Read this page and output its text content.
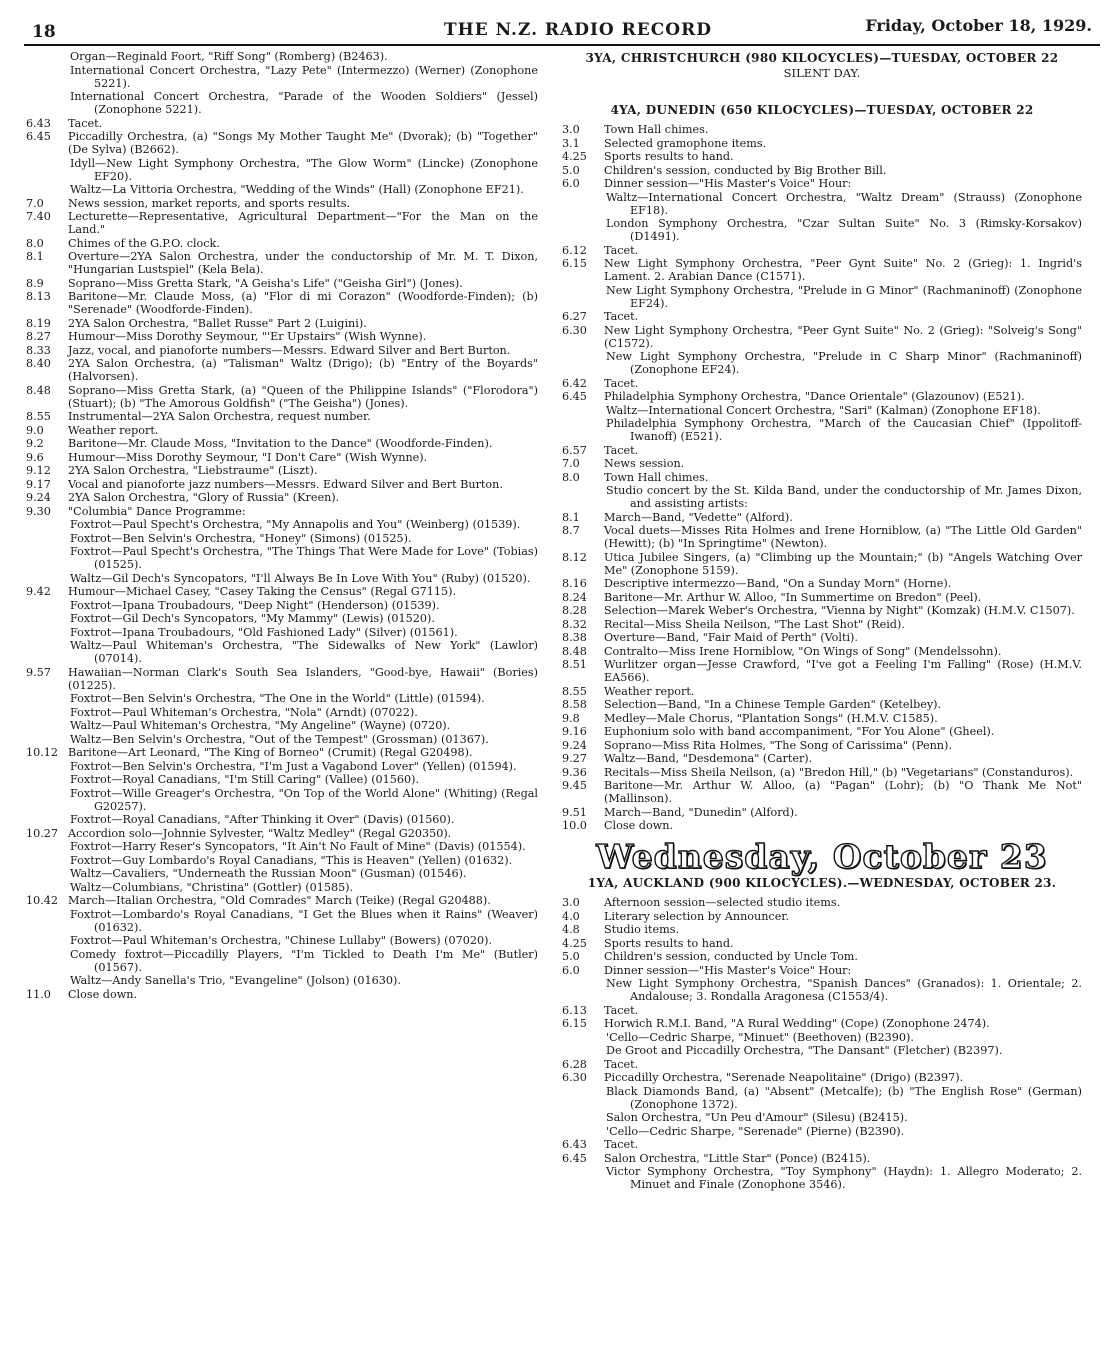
18	THE N.Z. RADIO RECORD	Friday, October 18, 1929.
Organ—Reginald Foort, "Riff Song" (Romberg) (B2463).
International Concert Orchestra, "Lazy Pete" (Intermezzo) (Werner) (Zonophone 5221).
International Concert Orchestra, "Parade of the Wooden Soldiers" (Jessel) (Zonophone 5221).
6.43	Tacet.
6.45	Piccadilly Orchestra, (a) "Songs My Mother Taught Me" (Dvorak); (b) "Together" (De Sylva) (B2662).
Idyll—New Light Symphony Orchestra, "The Glow Worm" (Lincke) (Zonophone EF20).
Waltz—La Vittoria Orchestra, "Wedding of the Winds" (Hall) (Zonophone EF21).
7.0	News session, market reports, and sports results.
7.40	Lecturette—Representative, Agricultural Department—"For the Man on the Land."
8.0	Chimes of the G.P.O. clock.
8.1	Overture—2YA Salon Orchestra, under the conductorship of Mr. M. T. Dixon, "Hungarian Lustspiel" (Kela Bela).
8.9	Soprano—Miss Gretta Stark, "A Geisha's Life" ("Geisha Girl") (Jones).
8.13	Baritone—Mr. Claude Moss, (a) "Flor di mi Corazon" (Woodforde-Finden); (b) "Serenade" (Woodforde-Finden).
8.19	2YA Salon Orchestra, "Ballet Russe" Part 2 (Luigini).
8.27	Humour—Miss Dorothy Seymour, "'Er Upstairs" (Wish Wynne).
8.33	Jazz, vocal, and pianoforte numbers—Messrs. Edward Silver and Bert Burton.
8.40	2YA Salon Orchestra, (a) "Talisman" Waltz (Drigo); (b) "Entry of the Boyards" (Halvorsen).
8.48	Soprano—Miss Gretta Stark, (a) "Queen of the Philippine Islands" ("Florodora") (Stuart); (b) "The Amorous Goldfish" ("The Geisha") (Jones).
8.55	Instrumental—2YA Salon Orchestra, request number.
9.0	Weather report.
9.2	Baritone—Mr. Claude Moss, "Invitation to the Dance" (Woodforde-Finden).
9.6	Humour—Miss Dorothy Seymour, "I Don't Care" (Wish Wynne).
9.12	2YA Salon Orchestra, "Liebstraume" (Liszt).
9.17	Vocal and pianoforte jazz numbers—Messrs. Edward Silver and Bert Burton.
9.24	2YA Salon Orchestra, "Glory of Russia" (Kreen).
9.30	"Columbia" Dance Programme:
Foxtrot—Paul Specht's Orchestra, "My Annapolis and You" (Weinberg) (01539).
Foxtrot—Ben Selvin's Orchestra, "Honey" (Simons) (01525).
Foxtrot—Paul Specht's Orchestra, "The Things That Were Made for Love" (Tobias) (01525).
Waltz—Gil Dech's Syncopators, "I'll Always Be In Love With You" (Ruby) (01520).
9.42	Humour—Michael Casey, "Casey Taking the Census" (Regal G7115).
Foxtrot—Ipana Troubadours, "Deep Night" (Henderson) (01539).
Foxtrot—Gil Dech's Syncopators, "My Mammy" (Lewis) (01520).
Foxtrot—Ipana Troubadours, "Old Fashioned Lady" (Silver) (01561).
Waltz—Paul Whiteman's Orchestra, "The Sidewalks of New York" (Lawlor) (07014).
9.57	Hawaiian—Norman Clark's South Sea Islanders, "Good-bye, Hawaii" (Bories) (01225).
Foxtrot—Ben Selvin's Orchestra, "The One in the World" (Little) (01594).
Foxtrot—Paul Whiteman's Orchestra, "Nola" (Arndt) (07022).
Waltz—Paul Whiteman's Orchestra, "My Angeline" (Wayne) (0720).
Waltz—Ben Selvin's Orchestra, "Out of the Tempest" (Grossman) (01367).
10.12 Baritone—Art Leonard, "The King of Borneo" (Crumit) (Regal G20498).
Foxtrot—Ben Selvin's Orchestra, "I'm Just a Vagabond Lover" (Yellen) (01594).
Foxtrot—Royal Canadians, "I'm Still Caring" (Vallee) (01560).
Foxtrot—Wille Greager's Orchestra, "On Top of the World Alone" (Whiting) (Regal G20257).
Foxtrot—Royal Canadians, "After Thinking it Over" (Davis) (01560).
10.27 Accordion solo—Johnnie Sylvester, "Waltz Medley" (Regal G20350).
Foxtrot—Harry Reser's Syncopators, "It Ain't No Fault of Mine" (Davis) (01554).
Foxtrot—Guy Lombardo's Royal Canadians, "This is Heaven" (Yellen) (01632).
Waltz—Cavaliers, "Underneath the Russian Moon" (Gusman) (01546).
Waltz—Columbians, "Christina" (Gottler) (01585).
10.42 March—Italian Orchestra, "Old Comrades" March (Teike) (Regal G20488).
Foxtrot—Lombardo's Royal Canadians, "I Get the Blues when it Rains" (Weaver) (01632).
Foxtrot—Paul Whiteman's Orchestra, "Chinese Lullaby" (Bowers) (07020).
Comedy foxtrot—Piccadilly Players, "I'm Tickled to Death I'm Me" (Butler) (01567).
Waltz—Andy Sanella's Trio, "Evangeline" (Jolson) (01630).
11.0	Close down.
3YA, CHRISTCHURCH (980 KILOCYCLES)—TUESDAY, OCTOBER 22
SILENT DAY.
4YA, DUNEDIN (650 KILOCYCLES)—TUESDAY, OCTOBER 22
3.0	Town Hall chimes.
3.1	Selected gramophone items.
4.25	Sports results to hand.
5.0	Children's session, conducted by Big Brother Bill.
6.0	Dinner session—"His Master's Voice" Hour:
Waltz—International Concert Orchestra, "Waltz Dream" (Strauss) (Zonophone EF18).
London Symphony Orchestra, "Czar Sultan Suite" No. 3 (Rimsky-Korsakov) (D1491).
6.12	Tacet.
6.15	New Light Symphony Orchestra, "Peer Gynt Suite" No. 2 (Grieg): 1. Ingrid's Lament. 2. Arabian Dance (C1571).
New Light Symphony Orchestra, "Prelude in G Minor" (Rachmaninoff) (Zonophone EF24).
6.27	Tacet.
6.30	New Light Symphony Orchestra, "Peer Gynt Suite" No. 2 (Grieg): "Solveig's Song" (C1572).
New Light Symphony Orchestra, "Prelude in C Sharp Minor" (Rachmaninoff) (Zonophone EF24).
6.42	Tacet.
6.45	Philadelphia Symphony Orchestra, "Dance Orientale" (Glazounov) (E521).
Waltz—International Concert Orchestra, "Sari" (Kalman) (Zonophone EF18).
Philadelphia Symphony Orchestra, "March of the Caucasian Chief" (Ippolitoff-Iwanoff) (E521).
6.57	Tacet.
7.0	News session.
8.0	Town Hall chimes.
Studio concert by the St. Kilda Band, under the conductorship of Mr. James Dixon, and assisting artists:
8.1	March—Band, "Vedette" (Alford).
8.7	Vocal duets—Misses Rita Holmes and Irene Horniblow, (a) "The Little Old Garden" (Hewitt); (b) "In Springtime" (Newton).
8.12	Utica Jubilee Singers, (a) "Climbing up the Mountain;" (b) "Angels Watching Over Me" (Zonophone 5159).
8.16	Descriptive intermezzo—Band, "On a Sunday Morn" (Horne).
8.24	Baritone—Mr. Arthur W. Alloo, "In Summertime on Bredon" (Peel).
8.28	Selection—Marek Weber's Orchestra, "Vienna by Night" (Komzak) (H.M.V. C1507).
8.32	Recital—Miss Sheila Neilson, "The Last Shot" (Reid).
8.38	Overture—Band, "Fair Maid of Perth" (Volti).
8.48	Contralto—Miss Irene Horniblow, "On Wings of Song" (Mendelssohn).
8.51	Wurlitzer organ—Jesse Crawford, "I've got a Feeling I'm Falling" (Rose) (H.M.V. EA566).
8.55	Weather report.
8.58	Selection—Band, "In a Chinese Temple Garden" (Ketelbey).
9.8	Medley—Male Chorus, "Plantation Songs" (H.M.V. C1585).
9.16	Euphonium solo with band accompaniment, "For You Alone" (Gheel).
9.24	Soprano—Miss Rita Holmes, "The Song of Carissima" (Penn).
9.27	Waltz—Band, "Desdemona" (Carter).
9.36	Recitals—Miss Sheila Neilson, (a) "Bredon Hill," (b) "Vegetarians" (Constanduros).
9.45	Baritone—Mr. Arthur W. Alloo, (a) "Pagan" (Lohr); (b) "O Thank Me Not" (Mallinson).
9.51	March—Band, "Dunedin" (Alford).
10.0	Close down.
Wednesday, October 23
1YA, AUCKLAND (900 KILOCYCLES).—WEDNESDAY, OCTOBER 23.
3.0	Afternoon session—selected studio items.
4.0	Literary selection by Announcer.
4.8	Studio items.
4.25	Sports results to hand.
5.0	Children's session, conducted by Uncle Tom.
6.0	Dinner session—"His Master's Voice" Hour:
New Light Symphony Orchestra, "Spanish Dances" (Granados): 1. Orientale; 2. Andalouse; 3. Rondalla Aragonesa (C1553/4).
6.13	Tacet.
6.15	Horwich R.M.I. Band, "A Rural Wedding" (Cope) (Zonophone 2474).
'Cello—Cedric Sharpe, "Minuet" (Beethoven) (B2390).
De Groot and Piccadilly Orchestra, "The Dansant" (Fletcher) (B2397).
6.28	Tacet.
6.30	Piccadilly Orchestra, "Serenade Neapolitaine" (Drigo) (B2397).
Black Diamonds Band, (a) "Absent" (Metcalfe); (b) "The English Rose" (German) (Zonophone 1372).
Salon Orchestra, "Un Peu d'Amour" (Silesu) (B2415).
'Cello—Cedric Sharpe, "Serenade" (Pierne) (B2390).
6.43	Tacet.
6.45	Salon Orchestra, "Little Star" (Ponce) (B2415).
Victor Symphony Orchestra, "Toy Symphony" (Haydn): 1. Allegro Moderato; 2. Minuet and Finale (Zonophone 3546).
